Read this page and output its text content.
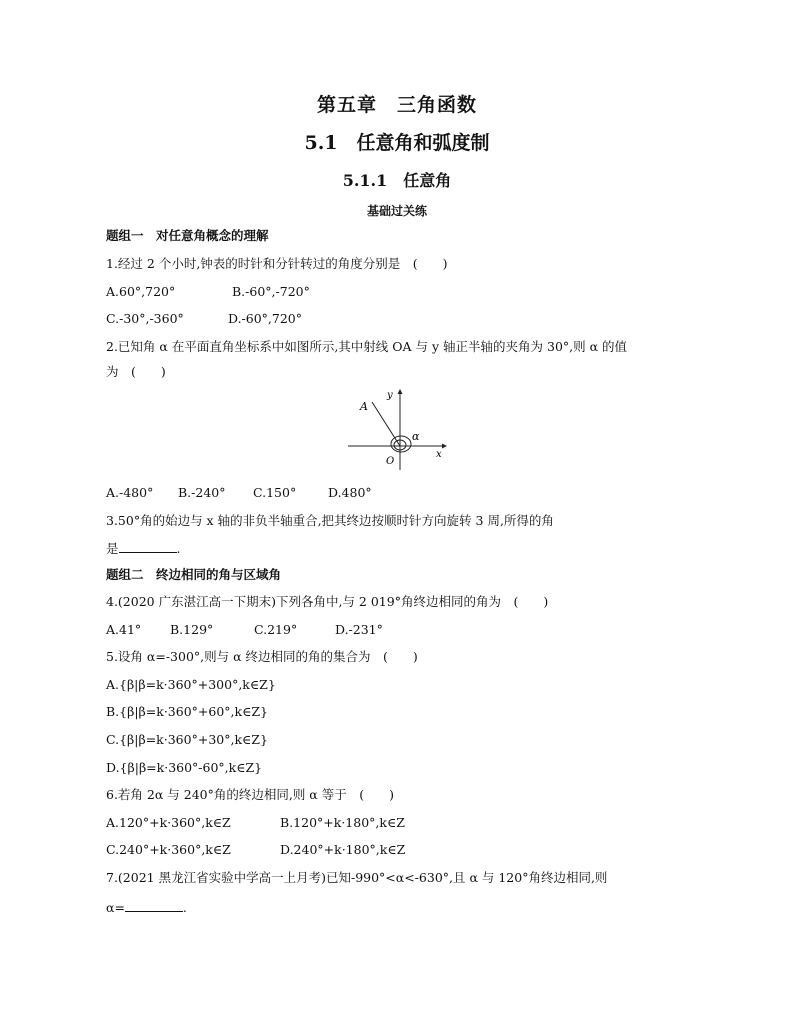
第五章　三角函数
5.1　任意角和弧度制
5.1.1　任意角
基础过关练
题组一　对任意角概念的理解
1.经过 2 个小时,钟表的时针和分针转过的角度分别是　(　　)
A.60°,720°	B.-60°,-720°
C.-30°,-360°	D.-60°,720°
2.已知角 α 在平面直角坐标系中如图所示,其中射线 OA 与 y 轴正半轴的夹角为 30°,则 α 的值
为　(　　)
A
y
x
O
α
A.-480° B.-240° C.150°	D.480°
3.50°角的始边与 x 轴的非负半轴重合,把其终边按顺时针方向旋转 3 周,所得的角
是	.
题组二　终边相同的角与区域角
4.(2020 广东湛江高一下期末)下列各角中,与 2 019°角终边相同的角为　(　　)
A.41° B.129°	C.219°	D.-231°
5.设角 α=-300°,则与 α 终边相同的角的集合为　(　　)
A.{β|β=k·360°+300°,k∈Z}
B.{β|β=k·360°+60°,k∈Z}
C.{β|β=k·360°+30°,k∈Z}
D.{β|β=k·360°-60°,k∈Z}
6.若角 2α 与 240°角的终边相同,则 α 等于　(　　)
A.120°+k·360°,k∈Z	B.120°+k·180°,k∈Z
C.240°+k·360°,k∈Z	D.240°+k·180°,k∈Z
7.(2021 黑龙江省实验中学高一上月考)已知-990°<α<-630°,且 α 与 120°角终边相同,则
α=	.
